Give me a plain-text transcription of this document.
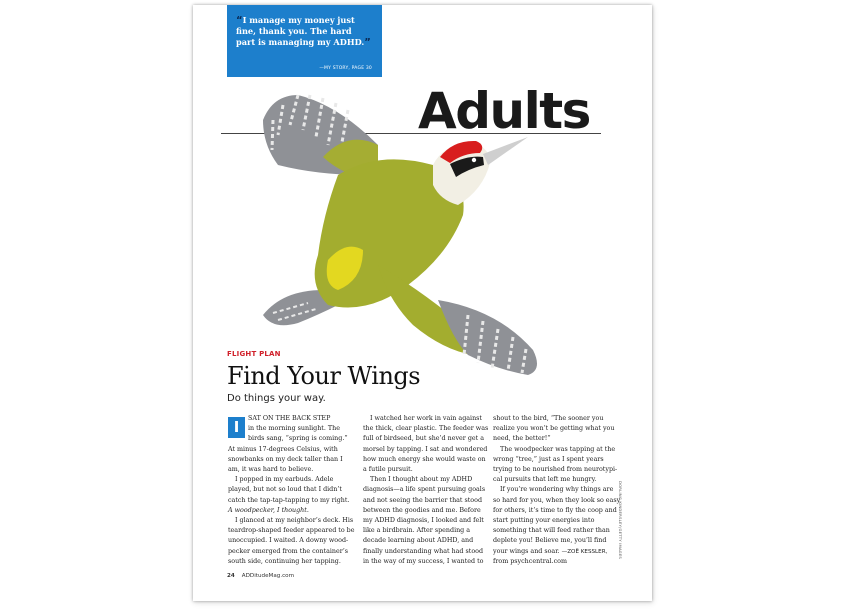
“I manage my money just fine, thank you. The hard part is managing my ADHD.”
—MY STORY, PAGE 30
Adults
FLIGHT PLAN
Find Your Wings
Do things your way.
I	SAT ON THE BACK STEP

in the morning sunlight. The

birds sang, “spring is coming.”

At minus 17-degrees Celsius, with

snowbanks on my deck taller than I

am, it was hard to believe.

I popped in my earbuds. Adele

played, but not so loud that I didn’t

catch the tap-tap-tapping to my right.

A woodpecker, I thought.

I glanced at my neighbor’s deck. His

teardrop-shaped feeder appeared to be

unoccupied. I waited. A downy wood-

pecker emerged from the container’s

south side, continuing her tapping.

I watched her work in vain against

the thick, clear plastic. The feeder was

full of birdseed, but she’d never get a

morsel by tapping. I sat and wondered

how much energy she would waste on

a futile pursuit.

Then I thought about my ADHD

diagnosis—a life spent pursuing goals

and not seeing the barrier that stood

between the goodies and me. Before

my ADHD diagnosis, I looked and felt

like a birdbrain. After spending a

decade learning about ADHD, and

finally understanding what had stood

in the way of my success, I wanted to

shout to the bird, “The sooner you

realize you won’t be getting what you

need, the better!”

The woodpecker was tapping at the

wrong “tree,” just as I spent years

trying to be nourished from neurotypi-

cal pursuits that left me hungry.

If you’re wondering why things are

so hard for you, when they look so easy

for others, it’s time to fly the coop and

start putting your energies into

something that will feed rather than

deplete you! Believe me, you’ll find

your wings and soar. —ZOË KESSLER,

from psychcentral.com

24 ADDitudeMag.com
DORLING KINDERSLEY/GETTY IMAGES
